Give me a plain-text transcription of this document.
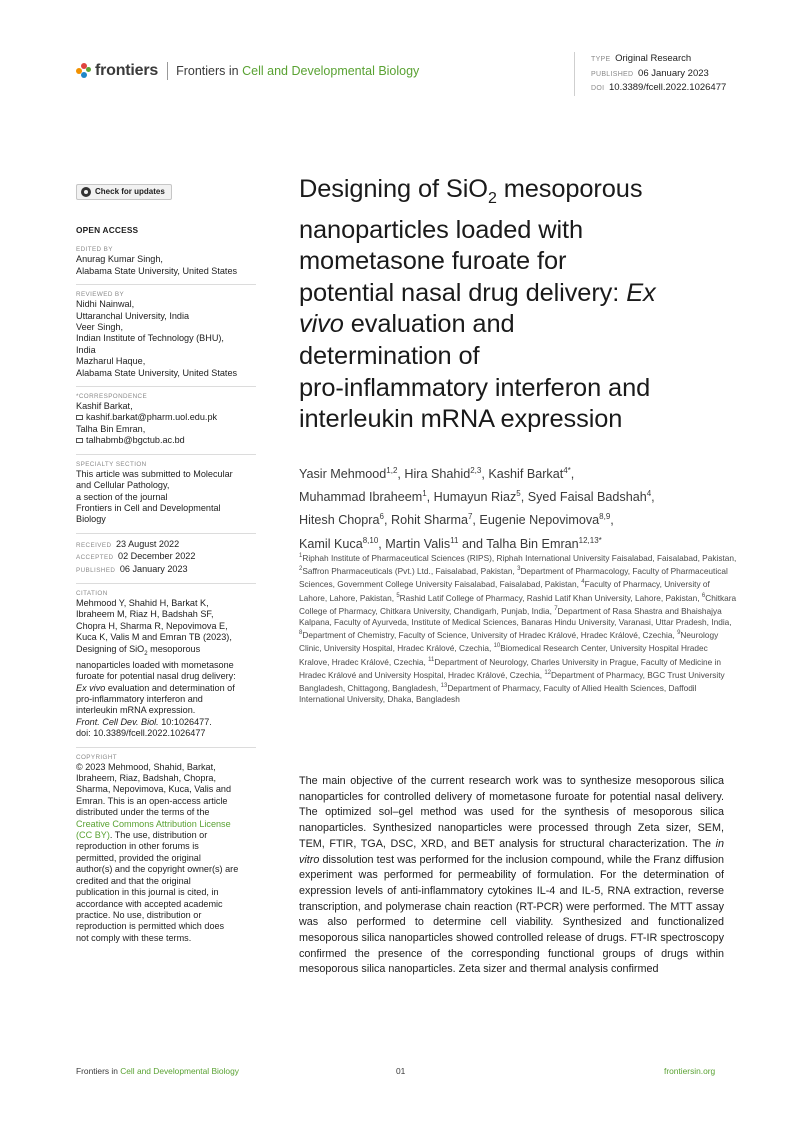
frontiers Frontiers in Cell and Developmental Biology
TYPE Original Research
PUBLISHED 06 January 2023
DOI 10.3389/fcell.2022.1026477
Check for updates
OPEN ACCESS
EDITED BY
Anurag Kumar Singh,
Alabama State University, United States
REVIEWED BY
Nidhi Nainwal,
Uttaranchal University, India
Veer Singh,
Indian Institute of Technology (BHU),
India
Mazharul Haque,
Alabama State University, United States
*CORRESPONDENCE
Kashif Barkat,
kashif.barkat@pharm.uol.edu.pk
Talha Bin Emran,
talhabmb@bgctub.ac.bd
SPECIALTY SECTION
This article was submitted to Molecular
and Cellular Pathology,
a section of the journal
Frontiers in Cell and Developmental
Biology
RECEIVED 23 August 2022
ACCEPTED 02 December 2022
PUBLISHED 06 January 2023
CITATION
Mehmood Y, Shahid H, Barkat K,
Ibraheem M, Riaz H, Badshah SF,
Chopra H, Sharma R, Nepovimova E,
Kuca K, Valis M and Emran TB (2023),
Designing of SiO$_2$ mesoporous
nanoparticles loaded with mometasone
furoate for potential nasal drug delivery:
Ex vivo evaluation and determination of
pro-inflammatory interferon and
interleukin mRNA expression.
Front. Cell Dev. Biol. 10:1026477.
doi: 10.3389/fcell.2022.1026477
COPYRIGHT
© 2023 Mehmood, Shahid, Barkat,
Ibraheem, Riaz, Badshah, Chopra,
Sharma, Nepovimova, Kuca, Valis and
Emran. This is an open-access article
distributed under the terms of the
Creative Commons Attribution License
(CC BY). The use, distribution or
reproduction in other forums is
permitted, provided the original
author(s) and the copyright owner(s) are
credited and that the original
publication in this journal is cited, in
accordance with accepted academic
practice. No use, distribution or
reproduction is permitted which does
not comply with these terms.
Designing of SiO$_2$ mesoporous
nanoparticles loaded with
mometasone furoate for
potential nasal drug delivery: Ex
vivo evaluation and
determination of
pro-inflammatory interferon and
interleukin mRNA expression
Yasir Mehmood$^{1,2}$, Hira Shahid$^{2,3}$, Kashif Barkat$^{4*}$,
Muhammad Ibraheem$^1$, Humayun Riaz$^5$, Syed Faisal Badshah$^4$,
Hitesh Chopra$^6$, Rohit Sharma$^7$, Eugenie Nepovimova$^{8,9}$,
Kamil Kuca$^{8,10}$, Martin Valis$^{11}$ and Talha Bin Emran$^{12,13*}$
$^1$Riphah Institute of Pharmaceutical Sciences (RIPS), Riphah International University Faisalabad, Faisalabad, Pakistan, $^2$Saffron Pharmaceuticals (Pvt.) Ltd., Faisalabad, Pakistan, $^3$Department of Pharmacology, Faculty of Pharmaceutical Sciences, Government College University Faisalabad, Faisalabad, Pakistan, $^4$Faculty of Pharmacy, University of Lahore, Lahore, Pakistan, $^5$Rashid Latif College of Pharmacy, Rashid Latif Khan University, Lahore, Pakistan, $^6$Chitkara College of Pharmacy, Chitkara University, Chandigarh, Punjab, India, $^7$Department of Rasa Shastra and Bhaishajya Kalpana, Faculty of Ayurveda, Institute of Medical Sciences, Banaras Hindu University, Varanasi, Uttar Pradesh, India, $^8$Department of Chemistry, Faculty of Science, University of Hradec Králové, Hradec Králové, Czechia, $^9$Neurology Clinic, University Hospital, Hradec Králové, Czechia, $^{10}$Biomedical Research Center, University Hospital Hradec Kralove, Hradec Králové, Czechia, $^{11}$Department of Neurology, Charles University in Prague, Faculty of Medicine in Hradec Králové and University Hospital, Hradec Králové, Czechia, $^{12}$Department of Pharmacy, BGC Trust University Bangladesh, Chittagong, Bangladesh, $^{13}$Department of Pharmacy, Faculty of Allied Health Sciences, Daffodil International University, Dhaka, Bangladesh
The main objective of the current research work was to synthesize mesoporous silica nanoparticles for controlled delivery of mometasone furoate for potential nasal delivery. The optimized sol–gel method was used for the synthesis of mesoporous silica nanoparticles. Synthesized nanoparticles were processed through Zeta sizer, SEM, TEM, FTIR, TGA, DSC, XRD, and BET analysis for structural characterization. The in vitro dissolution test was performed for the inclusion compound, while the Franz diffusion experiment was performed for permeability of formulation. For the determination of expression levels of anti-inflammatory cytokines IL-4 and IL-5, RNA extraction, reverse transcription, and polymerase chain reaction (RT-PCR) were performed. The MTT assay was also performed to determine cell viability. Synthesized and functionalized mesoporous silica nanoparticles showed controlled release of drugs. FT-IR spectroscopy confirmed the presence of the corresponding functional groups of drugs within mesoporous silica nanoparticles. Zeta sizer and thermal analysis confirmed
Frontiers in Cell and Developmental Biology	01	frontiersin.org
